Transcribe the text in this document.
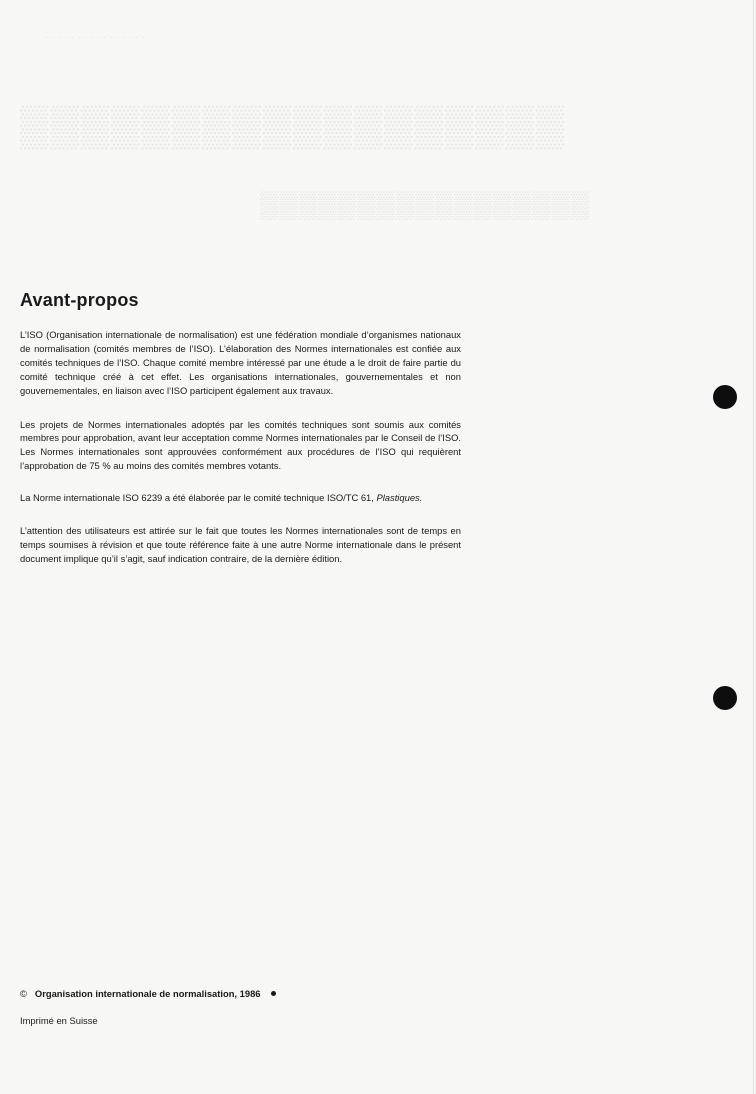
· · · · · · · · · · · · · · · ·
▒▒▒▒▒▒▒▒▒▒▒▒▒▒▒▒▒▒
▒▒▒▒▒▒▒▒▒▒▒▒▒▒▒▒▒
Avant-propos

L’ISO (Organisation internationale de normalisation) est une fédération mondiale d’organismes nationaux de normalisation (comités membres de l’ISO). L’élaboration des Normes internationales est confiée aux comités techniques de l’ISO. Chaque comité membre intéressé par une étude a le droit de faire partie du comité technique créé à cet effet. Les organisations internationales, gouvernementales et non gouvernementales, en liaison avec l’ISO participent également aux travaux.

Les projets de Normes internationales adoptés par les comités techniques sont soumis aux comités membres pour approbation, avant leur acceptation comme Normes internationales par le Conseil de l’ISO. Les Normes internationales sont approuvées conformément aux procédures de l’ISO qui requièrent l’approbation de 75 % au moins des comités membres votants.

La Norme internationale ISO 6239 a été élaborée par le comité technique ISO/TC 61, Plastiques.

L’attention des utilisateurs est attirée sur le fait que toutes les Normes internationales sont de temps en temps soumises à révision et que toute référence faite à une autre Norme internationale dans le présent document implique qu’il s’agit, sauf indication contraire, de la dernière édition.

© Organisation internationale de normalisation, 1986
Imprimé en Suisse
